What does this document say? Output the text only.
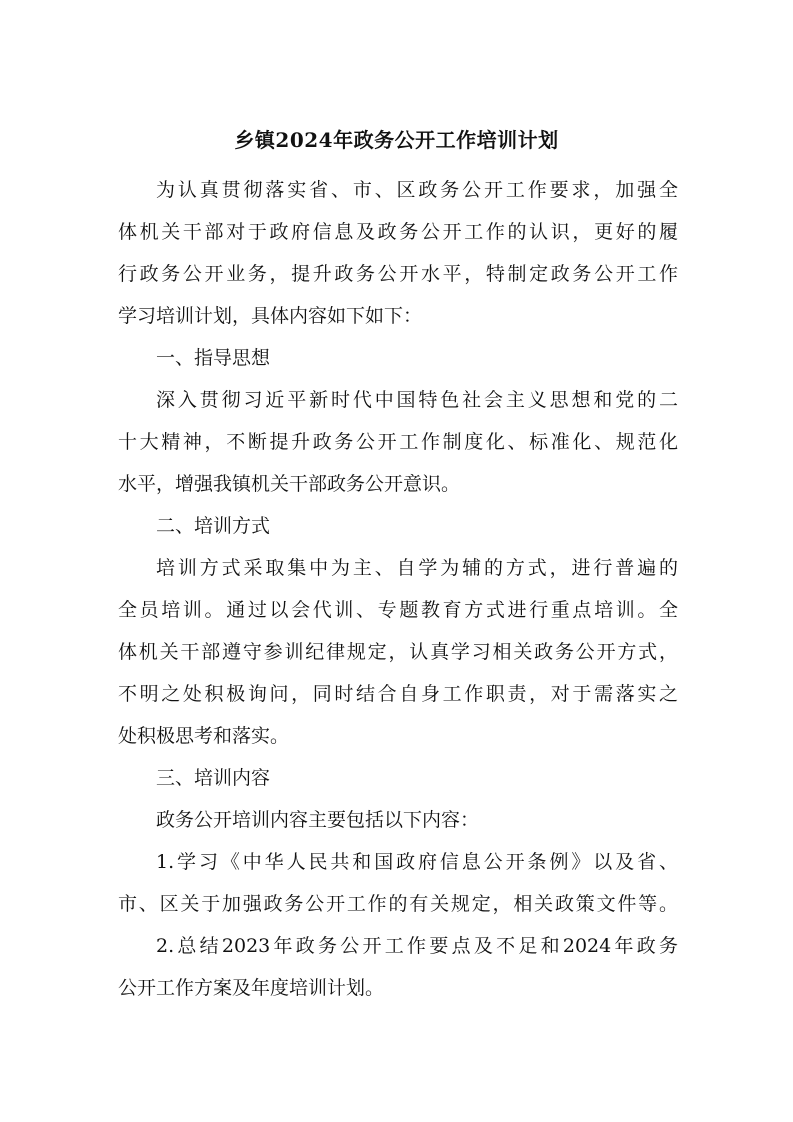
乡镇2024年政务公开工作培训计划

为认真贯彻落实省、市、区政务公开工作要求，加强全

体机关干部对于政府信息及政务公开工作的认识，更好的履

行政务公开业务，提升政务公开水平，特制定政务公开工作

学习培训计划，具体内容如下如下：

一、指导思想

深入贯彻习近平新时代中国特色社会主义思想和党的二

十大精神，不断提升政务公开工作制度化、标准化、规范化

水平，增强我镇机关干部政务公开意识。

二、培训方式

培训方式采取集中为主、自学为辅的方式，进行普遍的

全员培训。通过以会代训、专题教育方式进行重点培训。全

体机关干部遵守参训纪律规定，认真学习相关政务公开方式，

不明之处积极询问，同时结合自身工作职责，对于需落实之

处积极思考和落实。

三、培训内容

政务公开培训内容主要包括以下内容：

1.学习《中华人民共和国政府信息公开条例》以及省、

市、区关于加强政务公开工作的有关规定，相关政策文件等。

2.总结2023年政务公开工作要点及不足和2024年政务

公开工作方案及年度培训计划。
